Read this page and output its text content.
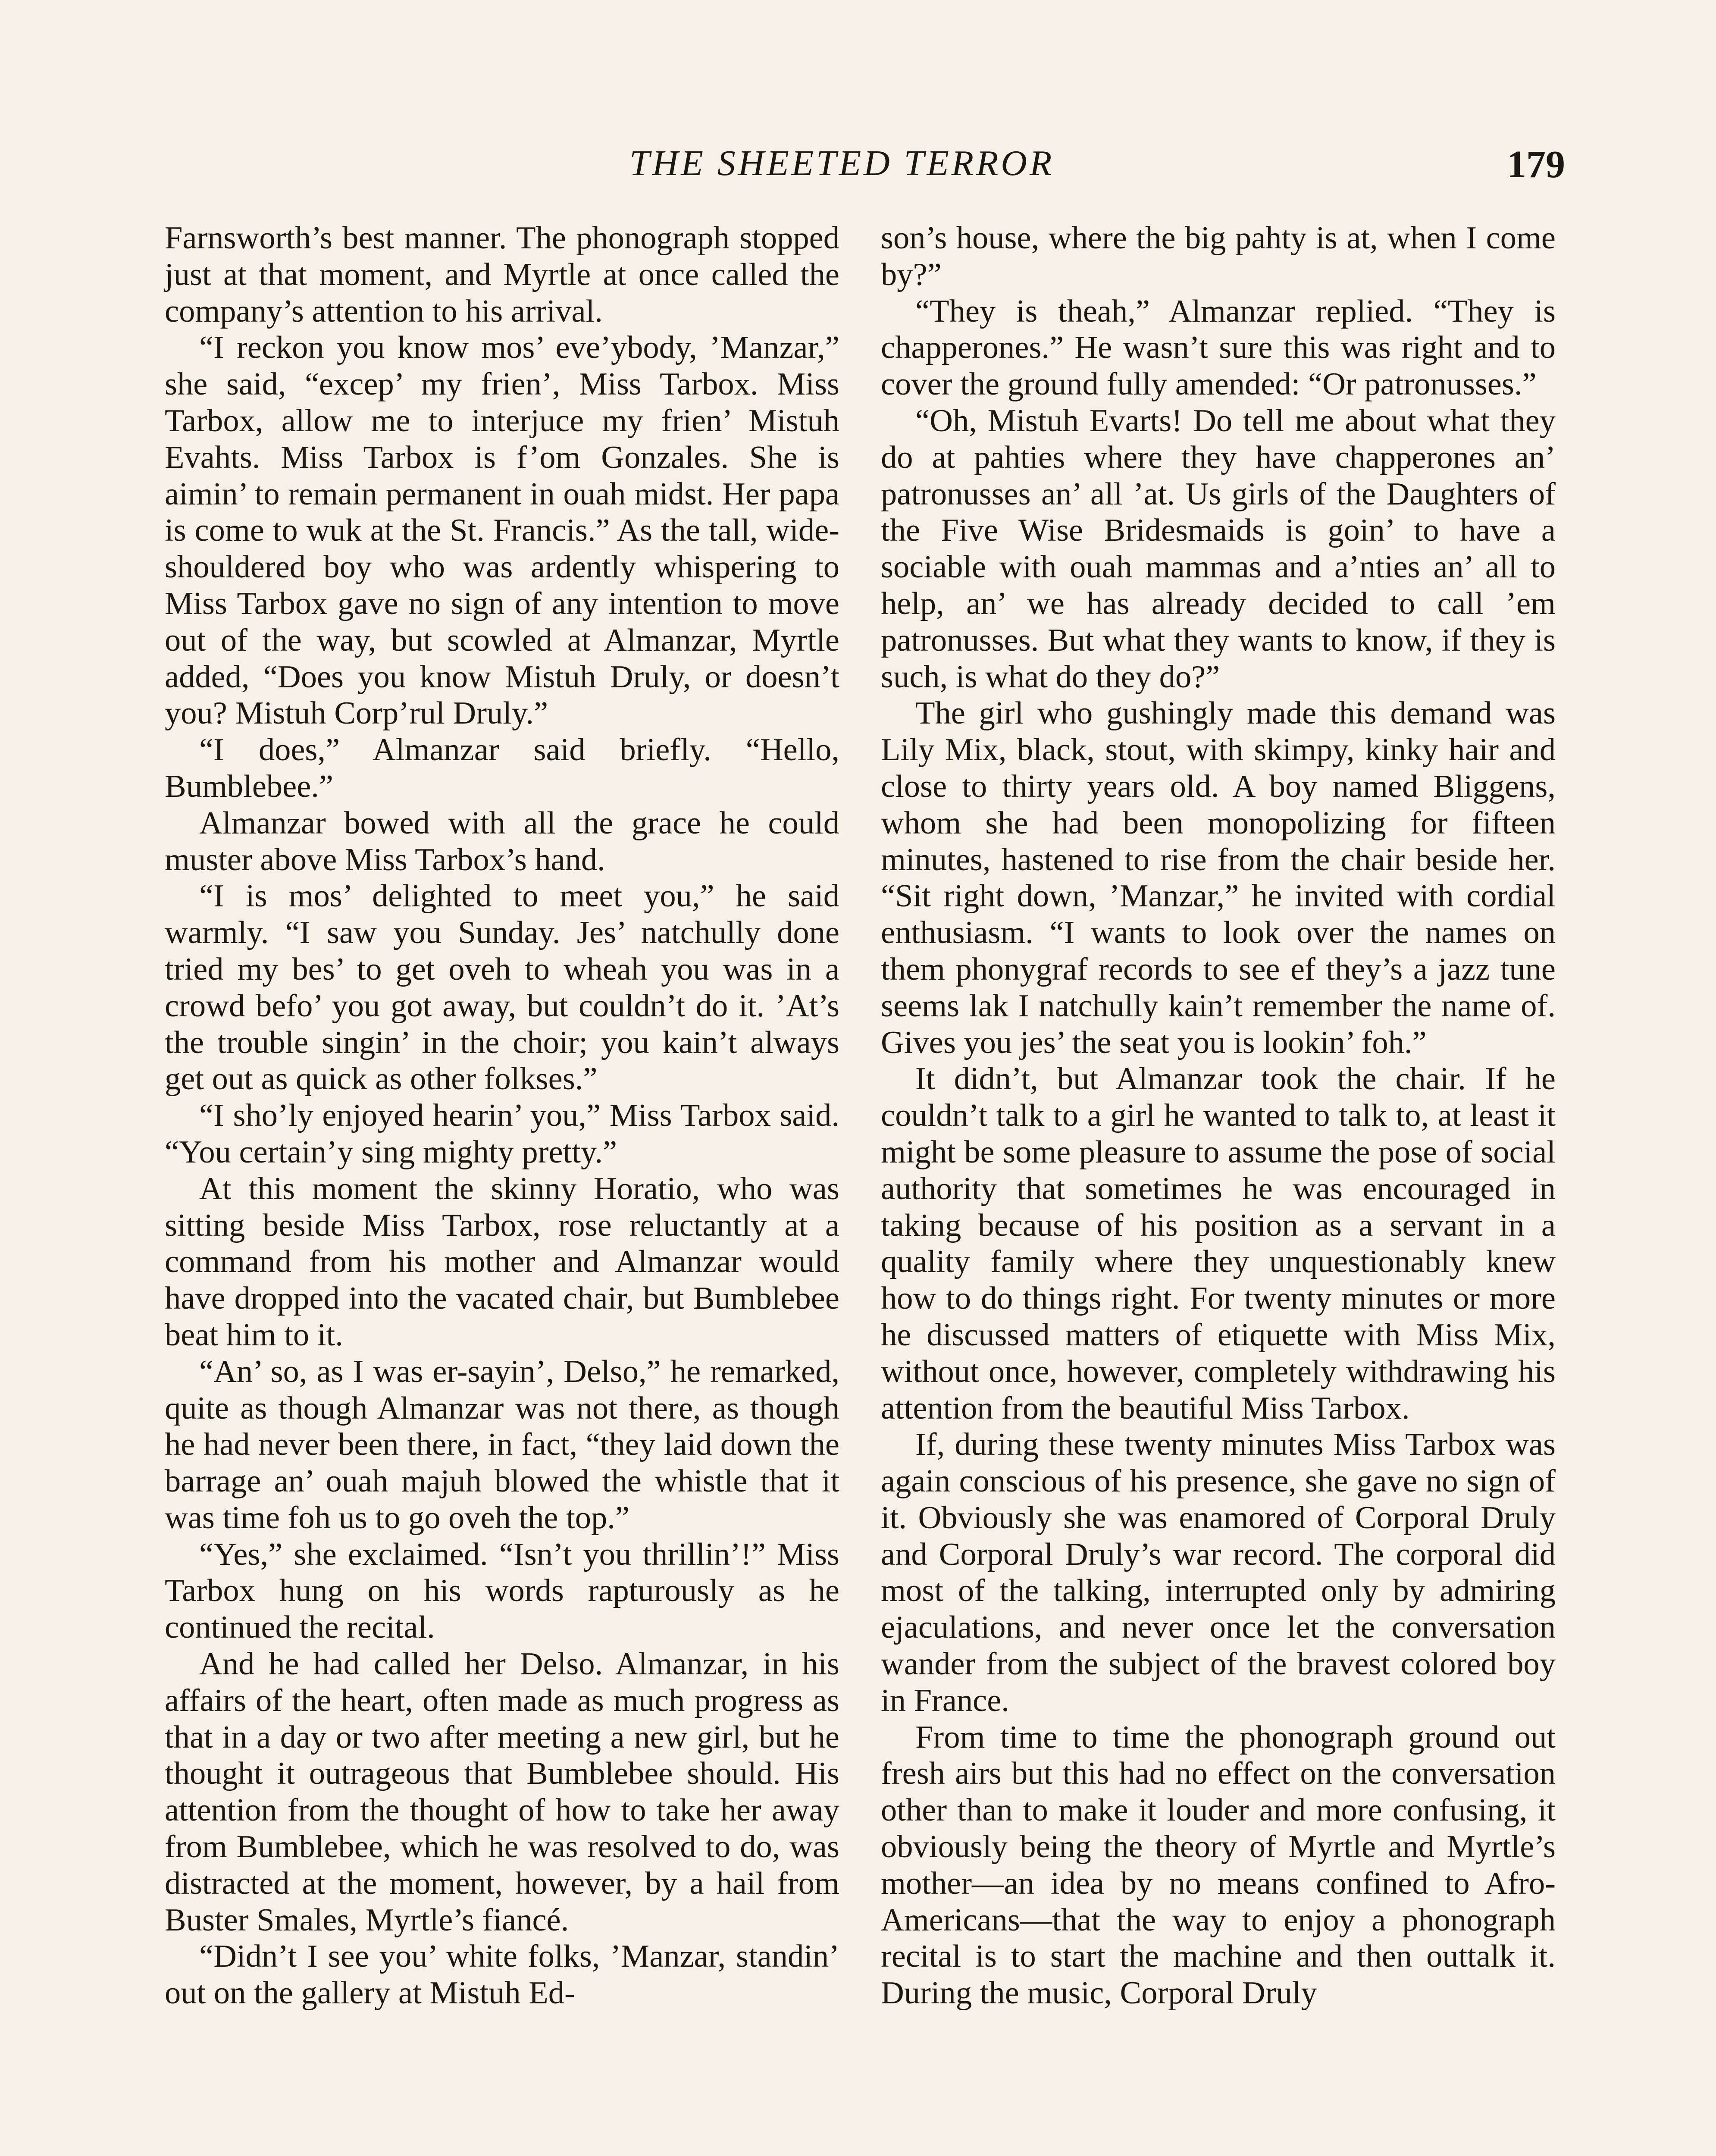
THE SHEETED TERROR	179

Farnsworth’s best manner. The phonograph stopped just at that moment, and Myrtle at once called the company’s attention to his arrival.

“I reckon you know mos’ eve’ybody, ’Manzar,” she said, “excep’ my frien’, Miss Tarbox. Miss Tarbox, allow me to interjuce my frien’ Mistuh Evahts. Miss Tarbox is f’om Gonzales. She is aimin’ to remain permanent in ouah midst. Her papa is come to wuk at the St. Francis.” As the tall, wide-shouldered boy who was ardently whispering to Miss Tarbox gave no sign of any intention to move out of the way, but scowled at Almanzar, Myrtle added, “Does you know Mistuh Druly, or doesn’t you? Mistuh Corp’rul Druly.”

“I does,” Almanzar said briefly. “Hello, Bumblebee.”

Almanzar bowed with all the grace he could muster above Miss Tarbox’s hand.

“I is mos’ delighted to meet you,” he said warmly. “I saw you Sunday. Jes’ natchully done tried my bes’ to get oveh to wheah you was in a crowd befo’ you got away, but couldn’t do it. ’At’s the trouble singin’ in the choir; you kain’t always get out as quick as other folkses.”

“I sho’ly enjoyed hearin’ you,” Miss Tarbox said. “You certain’y sing mighty pretty.”

At this moment the skinny Horatio, who was sitting beside Miss Tarbox, rose reluctantly at a command from his mother and Almanzar would have dropped into the vacated chair, but Bumblebee beat him to it.

“An’ so, as I was er-sayin’, Delso,” he remarked, quite as though Almanzar was not there, as though he had never been there, in fact, “they laid down the barrage an’ ouah majuh blowed the whistle that it was time foh us to go oveh the top.”

“Yes,” she exclaimed. “Isn’t you thrillin’!” Miss Tarbox hung on his words rapturously as he continued the recital.

And he had called her Delso. Almanzar, in his affairs of the heart, often made as much progress as that in a day or two after meeting a new girl, but he thought it outrageous that Bumblebee should. His attention from the thought of how to take her away from Bumblebee, which he was resolved to do, was distracted at the moment, however, by a hail from Buster Smales, Myrtle’s fiancé.

“Didn’t I see you’ white folks, ’Manzar, standin’ out on the gallery at Mistuh Ed-

son’s house, where the big pahty is at, when I come by?”

“They is theah,” Almanzar replied. “They is chapperones.” He wasn’t sure this was right and to cover the ground fully amended: “Or patronusses.”

“Oh, Mistuh Evarts! Do tell me about what they do at pahties where they have chapperones an’ patronusses an’ all ’at. Us girls of the Daughters of the Five Wise Bridesmaids is goin’ to have a sociable with ouah mammas and a’nties an’ all to help, an’ we has already decided to call ’em patronusses. But what they wants to know, if they is such, is what do they do?”

The girl who gushingly made this demand was Lily Mix, black, stout, with skimpy, kinky hair and close to thirty years old. A boy named Bliggens, whom she had been monopolizing for fifteen minutes, hastened to rise from the chair beside her. “Sit right down, ’Manzar,” he invited with cordial enthusiasm. “I wants to look over the names on them phonygraf records to see ef they’s a jazz tune seems lak I natchully kain’t remember the name of. Gives you jes’ the seat you is lookin’ foh.”

It didn’t, but Almanzar took the chair. If he couldn’t talk to a girl he wanted to talk to, at least it might be some pleasure to assume the pose of social authority that sometimes he was encouraged in taking because of his position as a servant in a quality family where they unquestionably knew how to do things right. For twenty minutes or more he discussed matters of etiquette with Miss Mix, without once, however, completely withdrawing his attention from the beautiful Miss Tarbox.

If, during these twenty minutes Miss Tarbox was again conscious of his presence, she gave no sign of it. Obviously she was enamored of Corporal Druly and Corporal Druly’s war record. The corporal did most of the talking, interrupted only by admiring ejaculations, and never once let the conversation wander from the subject of the bravest colored boy in France.

From time to time the phonograph ground out fresh airs but this had no effect on the conversation other than to make it louder and more confusing, it obviously being the theory of Myrtle and Myrtle’s mother—an idea by no means confined to Afro-Americans—that the way to enjoy a phonograph recital is to start the machine and then outtalk it. During the music, Corporal Druly
